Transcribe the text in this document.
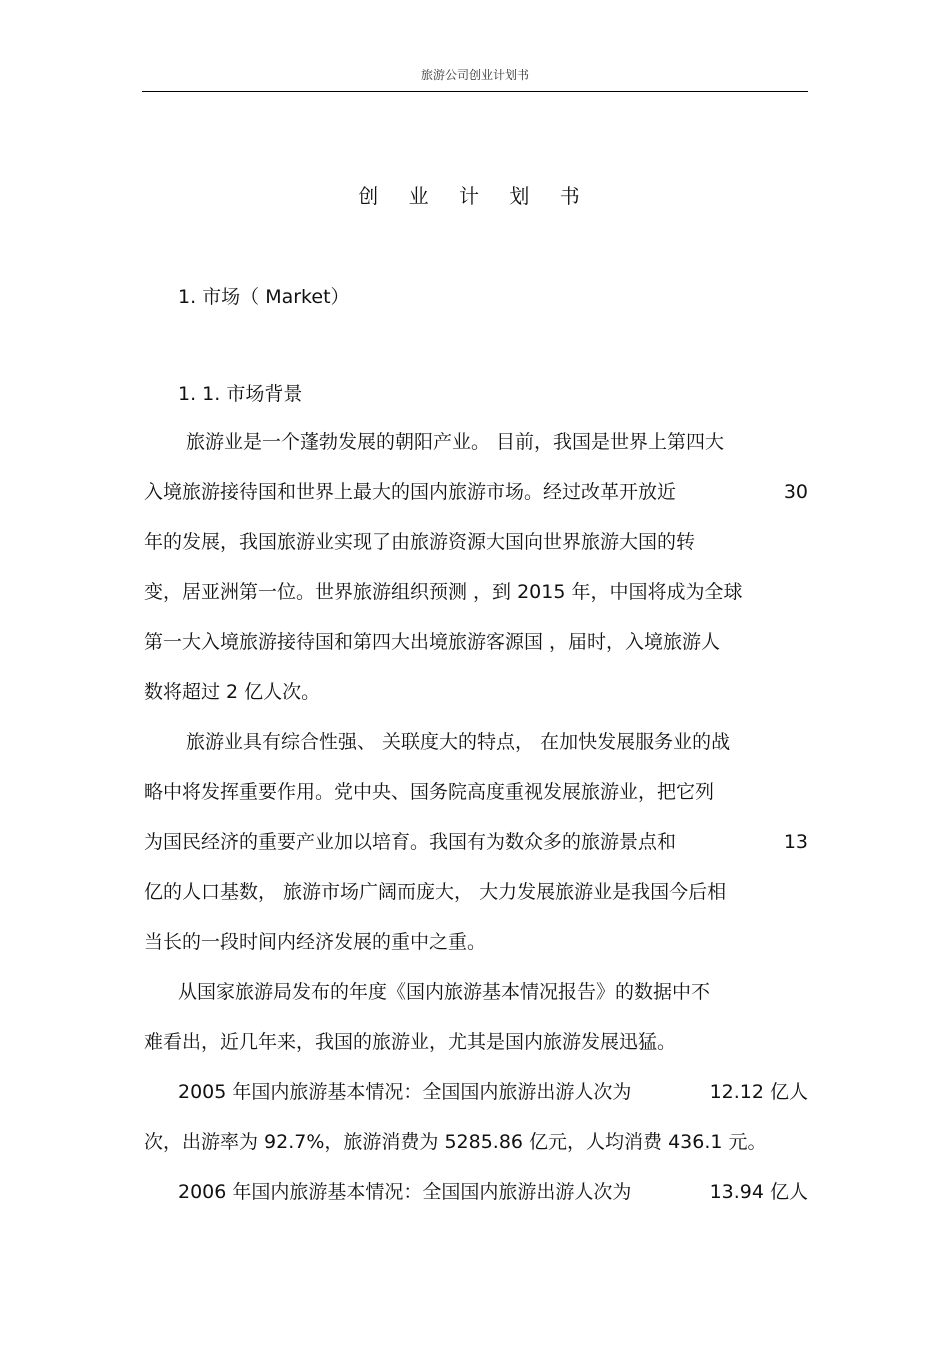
旅游公司创业计划书
创 业 计 划 书
1. 市场（ Market）
1. 1. 市场背景
旅游业是一个蓬勃发展的朝阳产业。 目前，我国是世界上第四大
入境旅游接待国和世界上最大的国内旅游市场。经过改革开放近	30
年的发展，我国旅游业实现了由旅游资源大国向世界旅游大国的转
变，居亚洲第一位。世界旅游组织预测 ，到 2015 年，中国将成为全球
第一大入境旅游接待国和第四大出境旅游客源国 ，届时，入境旅游人
数将超过 2 亿人次。
旅游业具有综合性强、 关联度大的特点， 在加快发展服务业的战
略中将发挥重要作用。党中央、国务院高度重视发展旅游业，把它列
为国民经济的重要产业加以培育。我国有为数众多的旅游景点和	13
亿的人口基数， 旅游市场广阔而庞大， 大力发展旅游业是我国今后相
当长的一段时间内经济发展的重中之重。
从国家旅游局发布的年度《国内旅游基本情况报告》的数据中不
难看出，近几年来，我国的旅游业，尤其是国内旅游发展迅猛。
2005 年国内旅游基本情况：全国国内旅游出游人次为	12.12 亿人
次，出游率为 92.7%，旅游消费为 5285.86 亿元，人均消费 436.1 元。
2006 年国内旅游基本情况：全国国内旅游出游人次为	13.94 亿人
